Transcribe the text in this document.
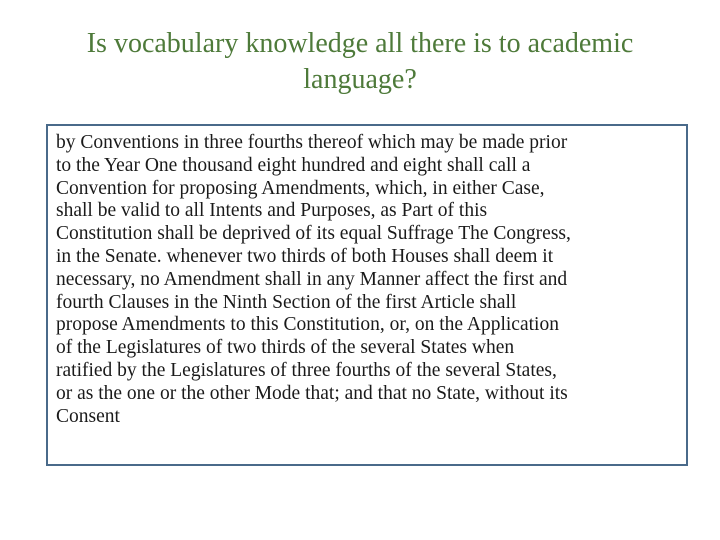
Is vocabulary knowledge all there is to academic
language?
by Conventions in three fourths thereof which may be made prior
to the Year One thousand eight hundred and eight shall call a
Convention for proposing Amendments, which, in either Case,
shall be valid to all Intents and Purposes, as Part of this
Constitution shall be deprived of its equal Suffrage The Congress,
in the Senate. whenever two thirds of both Houses shall deem it
necessary, no Amendment shall in any Manner affect the first and
fourth Clauses in the Ninth Section of the first Article shall
propose Amendments to this Constitution, or, on the Application
of the Legislatures of two thirds of the several States when
ratified by the Legislatures of three fourths of the several States,
or as the one or the other Mode that; and that no State, without its
Consent
